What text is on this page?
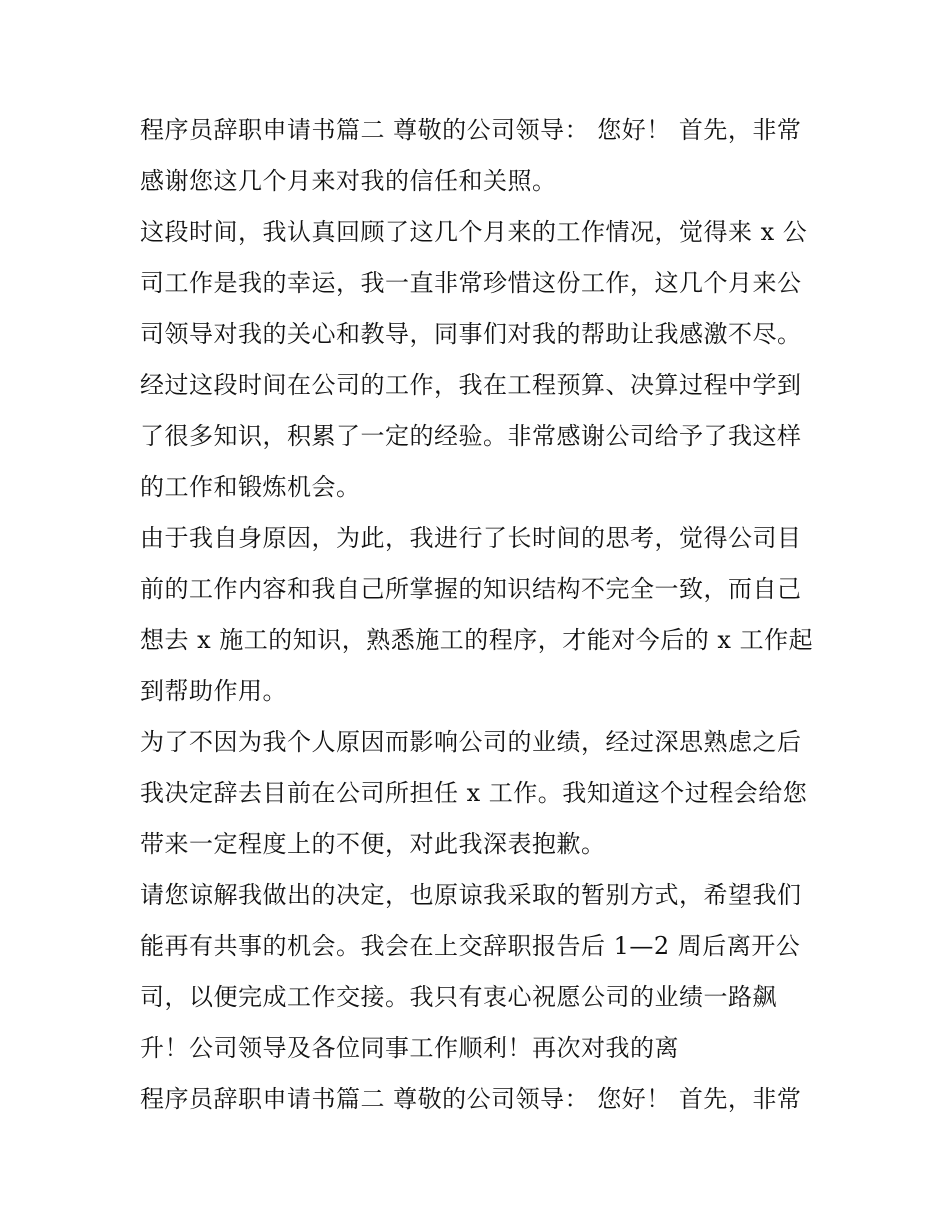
程序员辞职申请书篇二 尊敬的公司领导： 您好！ 首先，非常
感谢您这几个月来对我的信任和关照。
这段时间，我认真回顾了这几个月来的工作情况，觉得来 x 公
司工作是我的幸运，我一直非常珍惜这份工作，这几个月来公
司领导对我的关心和教导，同事们对我的帮助让我感激不尽。
经过这段时间在公司的工作，我在工程预算、决算过程中学到
了很多知识，积累了一定的经验。非常感谢公司给予了我这样
的工作和锻炼机会。
由于我自身原因，为此，我进行了长时间的思考，觉得公司目
前的工作内容和我自己所掌握的知识结构不完全一致，而自己
想去 x 施工的知识，熟悉施工的程序，才能对今后的 x 工作起
到帮助作用。
为了不因为我个人原因而影响公司的业绩，经过深思熟虑之后
我决定辞去目前在公司所担任 x 工作。我知道这个过程会给您
带来一定程度上的不便，对此我深表抱歉。
请您谅解我做出的决定，也原谅我采取的暂别方式，希望我们
能再有共事的机会。我会在上交辞职报告后 1—2 周后离开公
司，以便完成工作交接。我只有衷心祝愿公司的业绩一路飙
升！公司领导及各位同事工作顺利！再次对我的离
程序员辞职申请书篇二 尊敬的公司领导： 您好！ 首先，非常
